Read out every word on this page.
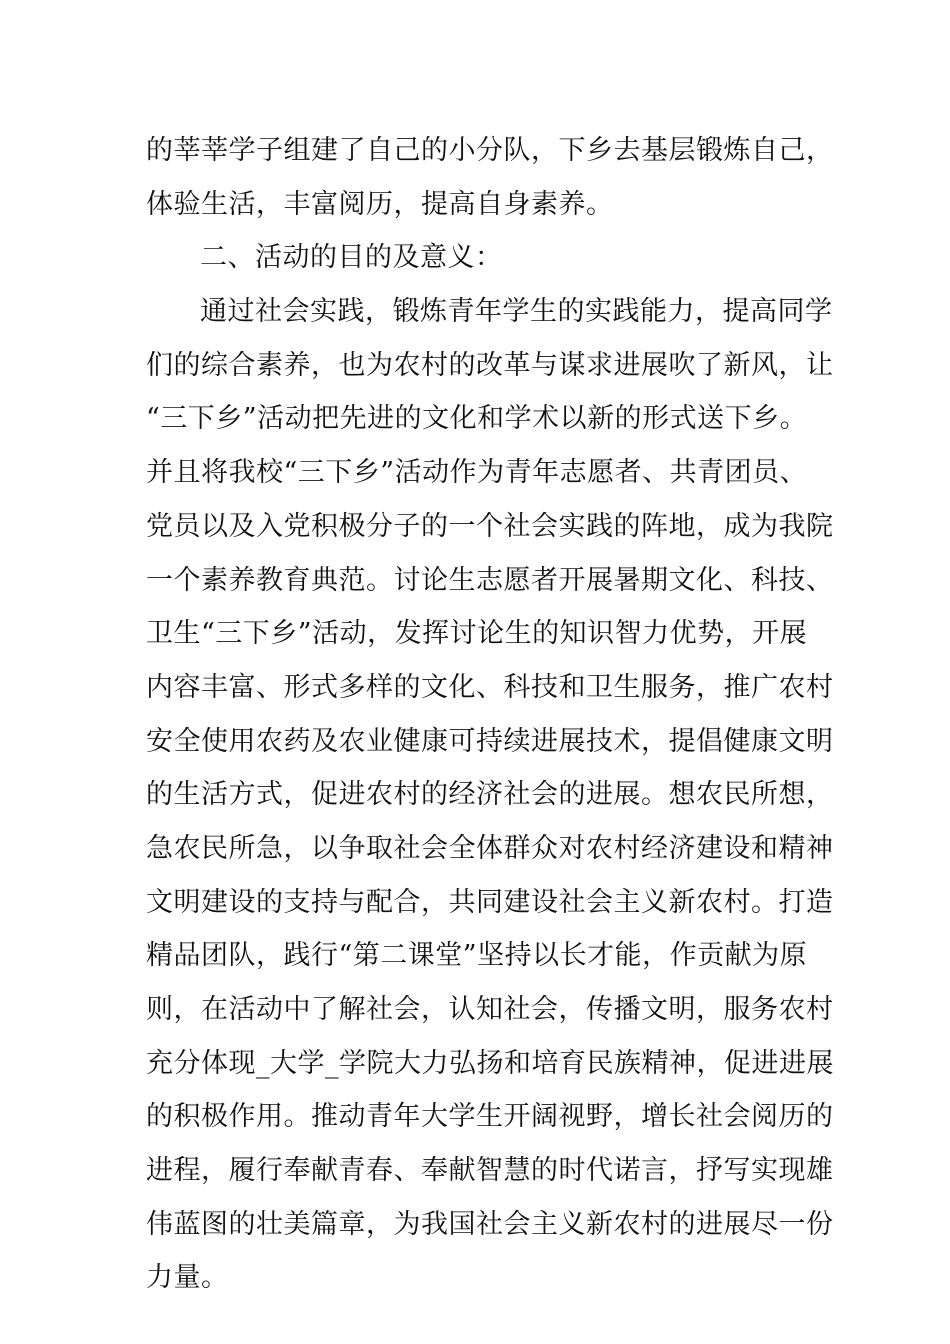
的莘莘学子组建了自己的小分队，下乡去基层锻炼自己，
体验生活，丰富阅历，提高自身素养。
二、活动的目的及意义：
通过社会实践，锻炼青年学生的实践能力，提高同学
们的综合素养，也为农村的改革与谋求进展吹了新风，让
“三下乡”活动把先进的文化和学术以新的形式送下乡。
并且将我校“三下乡”活动作为青年志愿者、共青团员、
党员以及入党积极分子的一个社会实践的阵地，成为我院
一个素养教育典范。讨论生志愿者开展暑期文化、科技、
卫生“三下乡”活动，发挥讨论生的知识智力优势，开展
内容丰富、形式多样的文化、科技和卫生服务，推广农村
安全使用农药及农业健康可持续进展技术，提倡健康文明
的生活方式，促进农村的经济社会的进展。想农民所想，
急农民所急，以争取社会全体群众对农村经济建设和精神
文明建设的支持与配合，共同建设社会主义新农村。打造
精品团队，践行“第二课堂”坚持以长才能，作贡献为原
则，在活动中了解社会，认知社会，传播文明，服务农村
充分体现_大学_学院大力弘扬和培育民族精神，促进进展
的积极作用。推动青年大学生开阔视野，增长社会阅历的
进程，履行奉献青春、奉献智慧的时代诺言，抒写实现雄
伟蓝图的壮美篇章，为我国社会主义新农村的进展尽一份
力量。
